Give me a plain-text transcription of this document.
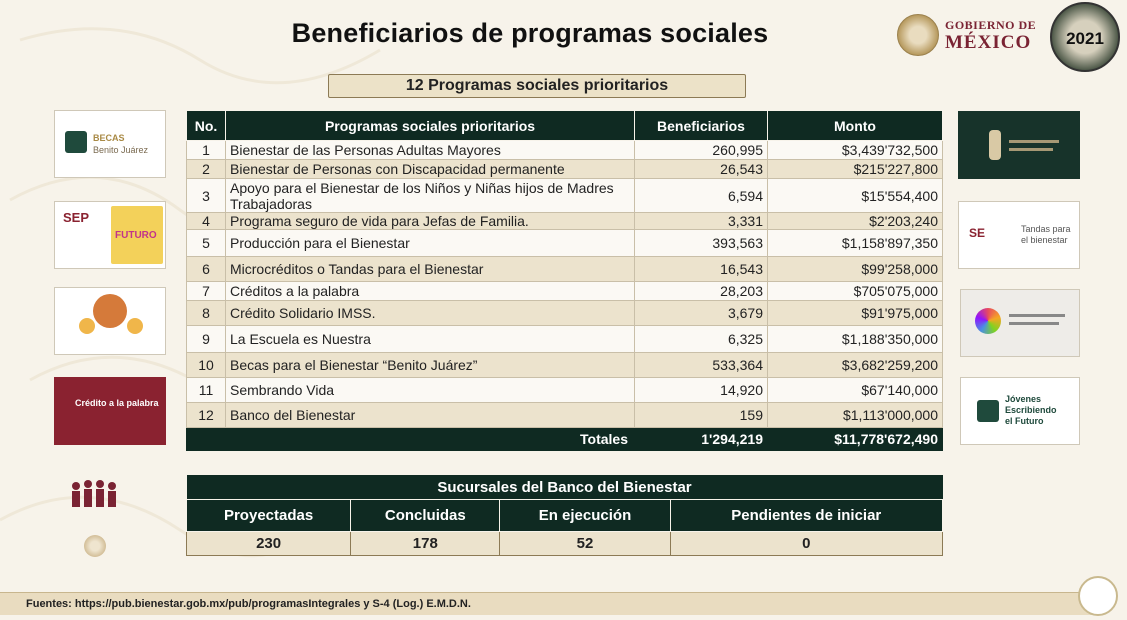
Beneficiarios de programas sociales
12 Programas sociales prioritarios
GOBIERNO DE
MÉXICO	2021
BECAS
Benito Juárez
SEP
FUTURO
Crédito a la palabra
SE	Tandas para
el bienestar
Jóvenes
Escribiendo
el Futuro
No.	Programas sociales prioritarios	Beneficiarios	Monto
1	Bienestar de las Personas Adultas Mayores	260,995	$3,439'732,500
2	Bienestar de Personas con Discapacidad permanente	26,543	$215'227,800
3	Apoyo para el Bienestar de los Niños y Niñas hijos de Madres Trabajadoras	6,594	$15'554,400
4	Programa seguro de vida para Jefas de Familia.	3,331	$2'203,240
5	Producción para el Bienestar	393,563	$1,158'897,350
6	Microcréditos o Tandas para el Bienestar	16,543	$99'258,000
7	Créditos a la palabra	28,203	$705'075,000
8	Crédito Solidario IMSS.	3,679	$91'975,000
9	La Escuela es Nuestra	6,325	$1,188'350,000
10	Becas para el Bienestar “Benito Juárez”	533,364	$3,682'259,200
11	Sembrando Vida	14,920	$67'140,000
12	Banco del Bienestar	159	$1,113'000,000
Totales		1'294,219	$11,778'672,490
Sucursales del Banco del Bienestar			
Proyectadas	Concluidas	En ejecución	Pendientes de iniciar
230	178	52	0
Fuentes: https://pub.bienestar.gob.mx/pub/programasIntegrales y S-4 (Log.) E.M.D.N.
